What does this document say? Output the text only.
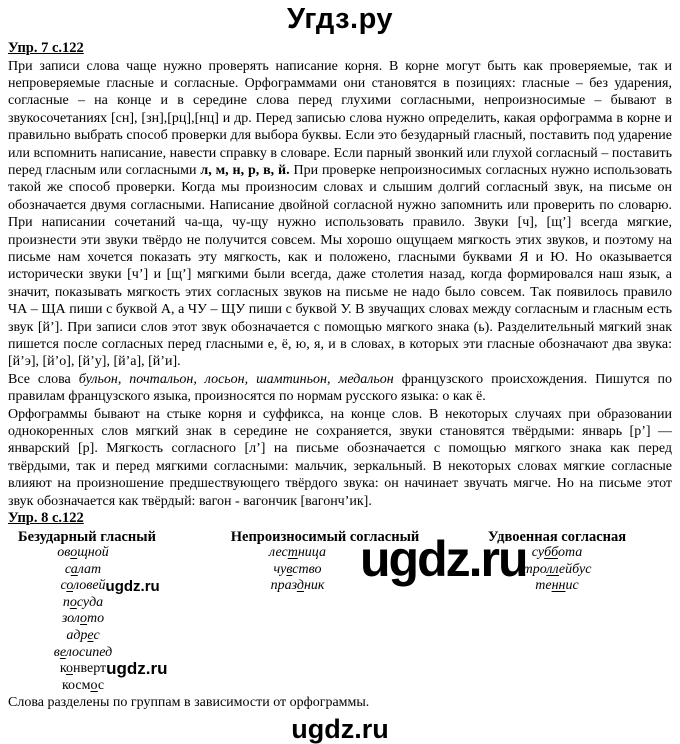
Угдз.ру
Упр. 7 с.122

При записи слова чаще нужно проверять написание корня. В корне могут быть как проверяемые, так и непроверяемые гласные и согласные. Орфограммами они становятся в позициях: гласные – без ударения, согласные – на конце и в середине слова перед глухими согласными, непроизносимые – бывают в звукосочетаниях [сн], [зн],[рц],[нц] и др. Перед записью слова нужно определить, какая орфограмма в корне и правильно выбрать способ проверки для выбора буквы. Если это безударный гласный, поставить под ударение или вспомнить написание, навести справку в словаре. Если парный звонкий или глухой согласный – поставить перед гласным или согласными л, м, н, р, в, й. При проверке непроизносимых согласных нужно использовать такой же способ проверки. Когда мы произносим словах и слышим долгий согласный звук, на письме он обозначается двумя согласными. Написание двойной согласной нужно запомнить или проверить по словарю. При написании сочетаний ча-ща, чу-щу нужно использовать правило. Звуки [ч], [щ’] всегда мягкие, произнести эти звуки твёрдо не получится совсем. Мы хорошо ощущаем мягкость этих звуков, и поэтому на письме нам хочется показать эту мягкость, как и положено, гласными буквами Я и Ю. Но оказывается исторически звуки [ч’] и [щ’] мягкими были всегда, даже столетия назад, когда формировался наш язык, а значит, показывать мягкость этих согласных звуков на письме не надо было совсем. Так появилось правило ЧА – ЩА пиши с буквой А, а ЧУ – ЩУ пиши с буквой У. В звучащих словах между согласным и гласным есть звук [й’]. При записи слов этот звук обозначается с помощью мягкого знака (ь). Разделительный мягкий знак пишется после согласных перед гласными е, ё, ю, я, и в словах, в которых эти гласные обозначают два звука: [й’э], [й’о], [й’у], [й’а], [й’и].

Все слова бульон, почтальон, лосьон, шамтиньон, медальон французского происхождения. Пишутся по правилам французского языка, произносятся по нормам русского языка: о как ё.

Орфограммы бывают на стыке корня и суффикса, на конце слов. В некоторых случаях при образовании однокоренных слов мягкий знак в середине не сохраняется, звуки становятся твёрдыми: январь [р’] — январский [р]. Мягкость согласного [л’] на письме обозначается с помощью мягкого знака как перед твёрдыми, так и перед мягкими согласными: мальчик, зеркальный. В некоторых словах мягкие согласные влияют на произношение предшествующего твёрдого звука: он начинает звучать мягче. Но на письме этот звук обозначается как твёрдый: вагон - вагончик [вагонч’ик].

Упр. 8 с.122
ugdz.ru
Безударный гласный
овощной
салат
соловей ugdz.ru
посуда
золото
адрес
велосипед
конверт ugdz.ru
космос
Непроизносимый согласный
лестница
чувство
праздник
Удвоенная согласная
суббота
троллейбус
теннис

Слова разделены по группам в зависимости от орфограммы.

ugdz.ru
